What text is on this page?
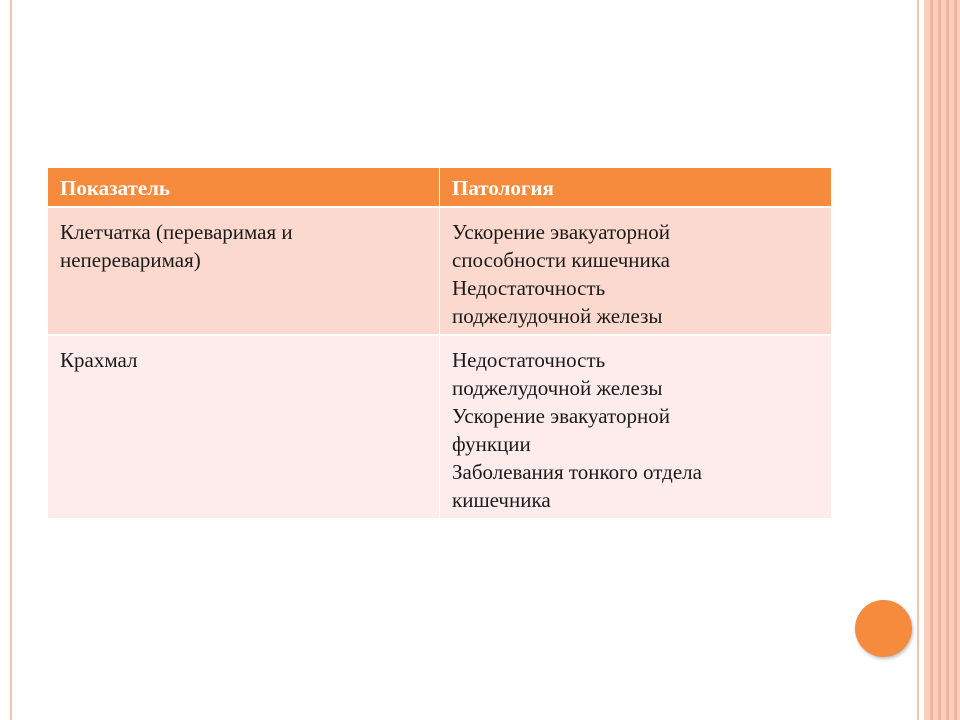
Показатель	Патология
Клетчатка (переваримая и
непереваримая)
Ускорение эвакуаторной
способности кишечника
Недостаточность
поджелудочной железы
Крахмал	Недостаточность
поджелудочной железы
Ускорение эвакуаторной
функции
Заболевания тонкого отдела
кишечника
